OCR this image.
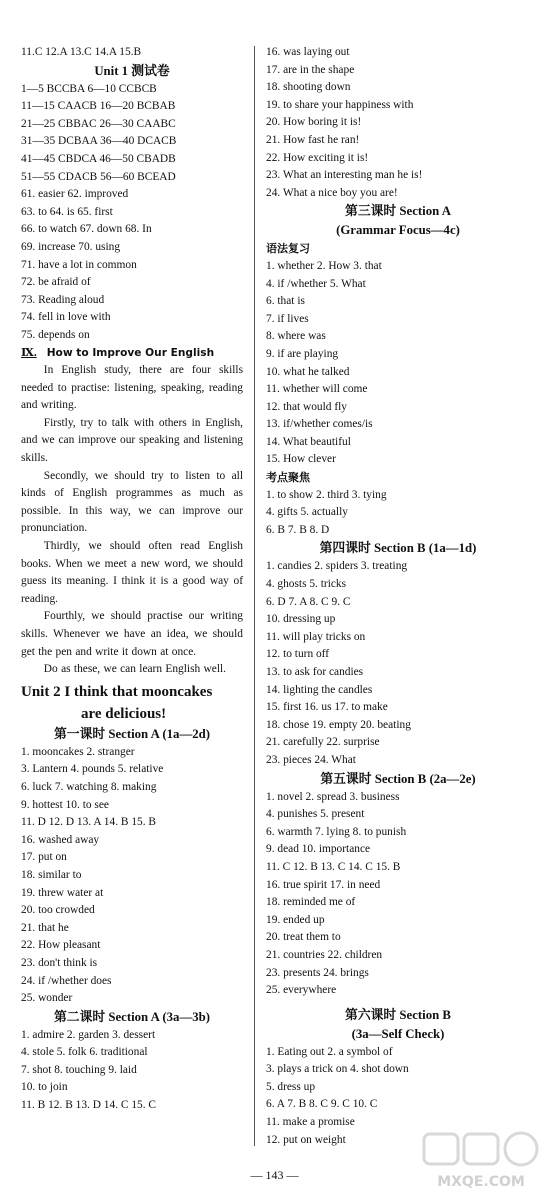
11.C 12.A 13.C 14.A 15.B
Unit 1 测试卷
1—5 BCCBA 6—10 CCBCB
11—15 CAACB 16—20 BCBAB
21—25 CBBAC 26—30 CAABC
31—35 DCBAA 36—40 DCACB
41—45 CBDCA 46—50 CBADB
51—55 CDACB 56—60 BCEAD
61. easier 62. improved
63. to 64. is 65. first
66. to watch 67. down 68. In
69. increase 70. using
71. have a lot in common
72. be afraid of
73. Reading aloud
74. fell in love with
75. depends on
Ⅸ. How to Improve Our English
In English study, there are four skills needed to practise: listening, speaking, reading and writing.
Firstly, try to talk with others in English, and we can improve our speaking and listening skills.
Secondly, we should try to listen to all kinds of English programmes as much as possible. In this way, we can improve our pronunciation.
Thirdly, we should often read English books. When we meet a new word, we should guess its meaning. I think it is a good way of reading.
Fourthly, we should practise our writing skills. Whenever we have an idea, we should get the pen and write it down at once.
Do as these, we can learn English well.
Unit 2 I think that mooncakes
are delicious!
第一课时 Section A (1a—2d)
1. mooncakes 2. stranger
3. Lantern 4. pounds 5. relative
6. luck 7. watching 8. making
9. hottest 10. to see
11. D 12. D 13. A 14. B 15. B
16. washed away
17. put on
18. similar to
19. threw water at
20. too crowded
21. that he
22. How pleasant
23. don't think is
24. if /whether does
25. wonder
第二课时 Section A (3a—3b)
1. admire 2. garden 3. dessert
4. stole 5. folk 6. traditional
7. shot 8. touching 9. laid
10. to join
11. B 12. B 13. D 14. C 15. C
16. was laying out
17. are in the shape
18. shooting down
19. to share your happiness with
20. How boring it is!
21. How fast he ran!
22. How exciting it is!
23. What an interesting man he is!
24. What a nice boy you are!
第三课时 Section A
(Grammar Focus—4c)
语法复习
1. whether 2. How 3. that
4. if /whether 5. What
6. that is
7. if lives
8. where was
9. if are playing
10. what he talked
11. whether will come
12. that would fly
13. if/whether comes/is
14. What beautiful
15. How clever
考点聚焦
1. to show 2. third 3. tying
4. gifts 5. actually
6. B 7. B 8. D
第四课时 Section B (1a—1d)
1. candies 2. spiders 3. treating
4. ghosts 5. tricks
6. D 7. A 8. C 9. C
10. dressing up
11. will play tricks on
12. to turn off
13. to ask for candies
14. lighting the candles
15. first 16. us 17. to make
18. chose 19. empty 20. beating
21. carefully 22. surprise
23. pieces 24. What
第五课时 Section B (2a—2e)
1. novel 2. spread 3. business
4. punishes 5. present
6. warmth 7. lying 8. to punish
9. dead 10. importance
11. C 12. B 13. C 14. C 15. B
16. true spirit 17. in need
18. reminded me of
19. ended up
20. treat them to
21. countries 22. children
23. presents 24. brings
25. everywhere
第六课时 Section B
(3a—Self Check)
1. Eating out 2. a symbol of
3. plays a trick on 4. shot down
5. dress up
6. A 7. B 8. C 9. C 10. C
11. make a promise
12. put on weight
— 143 —	MXQE.COM
